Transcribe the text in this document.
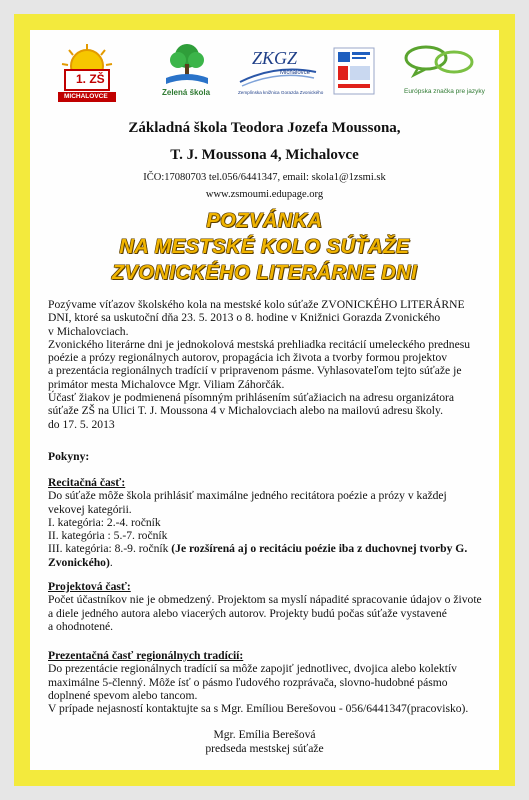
1. ZŠ
MICHALOVCE	Zelená škola
ZKGZ
Michalovce
Zemplínska knižnica Gorazda Zvonického	Európska značka pre jazyky
Základná škola Teodora Jozefa Moussona,
T. J. Moussona 4, Michalovce
IČO:17080703 tel.056/6441347, email: skola1@1zsmi.sk
www.zsmoumi.edupage.org
POZVÁNKA
NA MESTSKÉ KOLO SÚŤAŽE
ZVONICKÉHO LITERÁRNE DNI

Pozývame víťazov školského kola na mestské kolo súťaže ZVONICKÉHO LITERÁRNE

DNI, ktoré sa uskutoční dňa 23. 5. 2013 o 8. hodine v Knižnici Gorazda Zvonického

v Michalovciach.

Zvonického literárne dni je jednokolová mestská prehliadka recitácií umeleckého prednesu

poézie a prózy regionálnych autorov, propagácia ich života a tvorby formou projektov

a prezentácia regionálnych tradícií v pripravenom pásme. Vyhlasovateľom tejto súťaže je

primátor mesta Michalovce Mgr. Viliam Záhorčák.

Účasť žiakov je podmienená písomným prihlásením súťažiacich na adresu organizátora

súťaže ZŠ na Ulici T. J. Moussona 4 v Michalovciach alebo na mailovú adresu školy.

do 17. 5. 2013

Pokyny:

Recitačná časť:

Do súťaže môže škola prihlásiť maximálne jedného recitátora poézie a prózy v každej

vekovej kategórii.

I. kategória: 2.-4. ročník

II. kategória : 5.-7. ročník

III. kategória: 8.-9. ročník (Je rozšírená aj o recitáciu poézie iba z duchovnej tvorby G.

Zvonického).

Projektová časť:

Počet účastníkov nie je obmedzený. Projektom sa myslí nápadité spracovanie údajov o živote

a diele jedného autora alebo viacerých autorov. Projekty budú počas súťaže vystavené

a ohodnotené.

Prezentačná časť regionálnych tradícií:

Do prezentácie regionálnych tradícií sa môže zapojiť jednotlivec, dvojica alebo kolektív

maximálne 5-členný. Môže ísť o pásmo ľudového rozprávača, slovno-hudobné pásmo

doplnené spevom alebo tancom.

V prípade nejasností kontaktujte sa s Mgr. Emíliou Berešovou - 056/6441347(pracovisko).

Mgr. Emília Berešová
predseda mestskej súťaže
